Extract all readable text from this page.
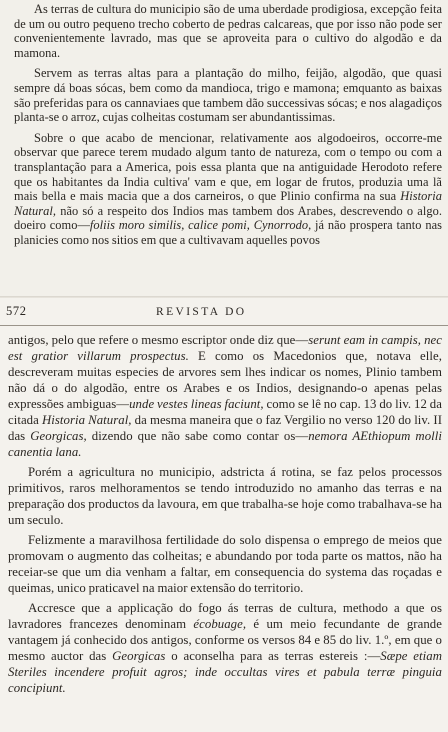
As terras de cultura do municipio são de uma uberdade prodigiosa, excepção feita de um ou outro pequeno trecho coberto de pedras calcareas, que por isso não pode ser convenientemente lavrado, mas que se aproveita para o cultivo do algodão e da mamona.

Servem as terras altas para a plantação do milho, feijão, algodão, que quasi sempre dá boas sócas, bem como da mandioca, trigo e mamona; emquanto as baixas são preferidas para os cannaviaes que tambem dão successivas sócas; e nos alagadiços planta-se o arroz, cujas colheitas costumam ser abundantissimas.

Sobre o que acabo de mencionar, relativamente aos algodoeiros, occorre-me observar que parece terem mudado algum tanto de natureza, com o tempo ou com a transplantação para a America, pois essa planta que na antiguidade Herodoto refere que os habitantes da India cultiva' vam e que, em logar de frutos, produzia uma lã mais bella e mais macia que a dos carneiros, o que Plinio confirma na sua Historia Natural, não só a respeito dos Indios mas tambem dos Arabes, descrevendo o algo. doeiro como—foliis moro similis, calice pomi, Cynorrodo, já não prospera tanto nas planicies como nos sitios em que a cultivavam aquelles povos

572	REVISTA DO

antigos, pelo que refere o mesmo escriptor onde diz que—serunt eam in campis, nec est gratior villarum prospectus. E como os Macedonios que, notava elle, descreveram muitas especies de arvores sem lhes indicar os nomes, Plinio tambem não dá o do algodão, entre os Arabes e os Indios, designando-o apenas pelas expressões ambiguas—unde vestes lineas faciunt, como se lê no cap. 13 do liv. 12 da citada Historia Natural, da mesma maneira que o faz Vergilio no verso 120 do liv. II das Georgicas, dizendo que não sabe como contar os—nemora AEthiopum molli canentia lana.

Porém a agricultura no municipio, adstricta á rotina, se faz pelos processos primitivos, raros melhoramentos se tendo introduzido no amanho das terras e na preparação dos productos da lavoura, em que trabalha-se hoje como trabalhava-se ha um seculo.

Felizmente a maravilhosa fertilidade do solo dispensa o emprego de meios que promovam o augmento das colheitas; e abundando por toda parte os mattos, não ha receiar-se que um dia venham a faltar, em consequencia do systema das roçadas e queimas, unico praticavel na maior extensão do territorio.

Accresce que a applicação do fogo ás terras de cultura, methodo a que os lavradores francezes denominam écobuage, é um meio fecundante de grande vantagem já conhecido dos antigos, conforme os versos 84 e 85 do liv. 1.º, em que o mesmo auctor das Georgicas o aconselha para as terras estereis :—Sæpe etiam Steriles incendere profuit agros; inde occultas vires et pabula terræ pinguia concipiunt.
